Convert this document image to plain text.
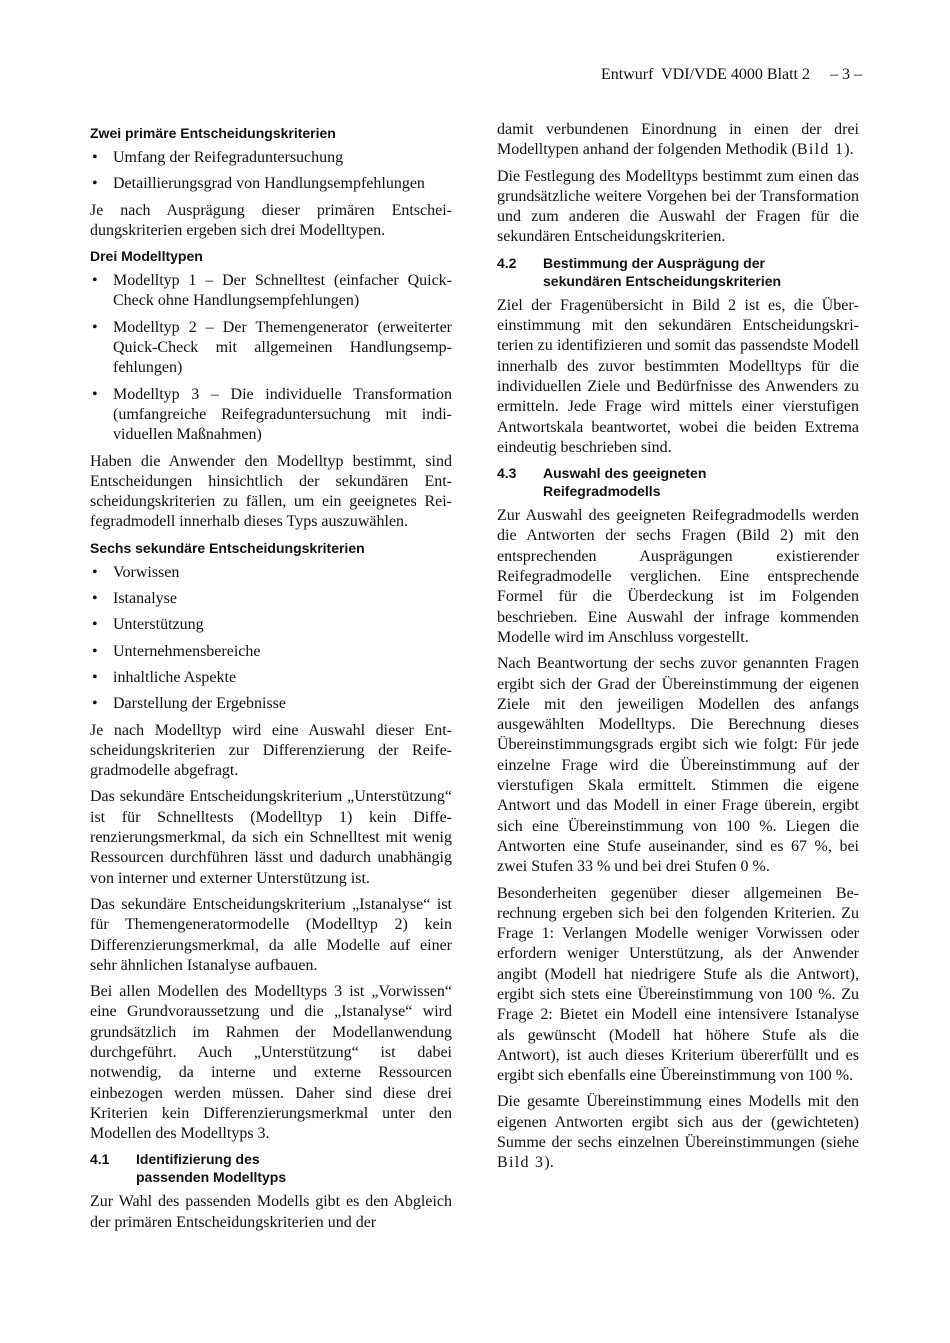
Entwurf  VDI/VDE 4000 Blatt 2 – 3 –
Zwei primäre Entscheidungskriterien
• Umfang der Reifegraduntersuchung
• Detaillierungsgrad von Handlungsempfehlungen

Je nach Ausprägung dieser primären Entscheidungskriterien ergeben sich drei Modelltypen.

Drei Modelltypen
• Modelltyp 1 – Der Schnelltest (einfacher Quick-Check ohne Handlungsempfehlungen)
• Modelltyp 2 – Der Themengenerator (erweiterter Quick-Check mit allgemeinen Handlungsempfehlungen)
• Modelltyp 3 – Die individuelle Transformation (umfangreiche Reifegraduntersuchung mit individuellen Maßnahmen)

Haben die Anwender den Modelltyp bestimmt, sind Entscheidungen hinsichtlich der sekundären Entscheidungskriterien zu fällen, um ein geeignetes Reifegradmodell innerhalb dieses Typs auszuwählen.

Sechs sekundäre Entscheidungskriterien
• Vorwissen
• Istanalyse
• Unterstützung
• Unternehmensbereiche
• inhaltliche Aspekte
• Darstellung der Ergebnisse

Je nach Modelltyp wird eine Auswahl dieser Entscheidungskriterien zur Differenzierung der Reifegradmodelle abgefragt.

Das sekundäre Entscheidungskriterium „Unterstützung“ ist für Schnelltests (Modelltyp 1) kein Differenzierungsmerkmal, da sich ein Schnelltest mit wenig Ressourcen durchführen lässt und dadurch unabhängig von interner und externer Unterstützung ist.

Das sekundäre Entscheidungskriterium „Istanalyse“ ist für Themengeneratormodelle (Modelltyp 2) kein Differenzierungsmerkmal, da alle Modelle auf einer sehr ähnlichen Istanalyse aufbauen.

Bei allen Modellen des Modelltyps 3 ist „Vorwissen“ eine Grundvoraussetzung und die „Istanalyse“ wird grundsätzlich im Rahmen der Modellanwendung durchgeführt. Auch „Unterstützung“ ist dabei notwendig, da interne und externe Ressourcen einbezogen werden müssen. Daher sind diese drei Kriterien kein Differenzierungsmerkmal unter den Modellen des Modelltyps 3.

4.1	Identifizierung des
passenden Modelltyps

Zur Wahl des passenden Modells gibt es den Abgleich der primären Entscheidungskriterien und der

damit verbundenen Einordnung in einen der drei Modelltypen anhand der folgenden Methodik (Bild 1).

Die Festlegung des Modelltyps bestimmt zum einen das grundsätzliche weitere Vorgehen bei der Transformation und zum anderen die Auswahl der Fragen für die sekundären Entscheidungskriterien.

4.2	Bestimmung der Ausprägung der
sekundären Entscheidungskriterien

Ziel der Fragenübersicht in Bild 2 ist es, die Übereinstimmung mit den sekundären Entscheidungskriterien zu identifizieren und somit das passendste Modell innerhalb des zuvor bestimmten Modelltyps für die individuellen Ziele und Bedürfnisse des Anwenders zu ermitteln. Jede Frage wird mittels einer vierstufigen Antwortskala beantwortet, wobei die beiden Extrema eindeutig beschrieben sind.

4.3	Auswahl des geeigneten
Reifegradmodells

Zur Auswahl des geeigneten Reifegradmodells werden die Antworten der sechs Fragen (Bild 2) mit den entsprechenden Ausprägungen existierender Reifegradmodelle verglichen. Eine entsprechende Formel für die Überdeckung ist im Folgenden beschrieben. Eine Auswahl der infrage kommenden Modelle wird im Anschluss vorgestellt.

Nach Beantwortung der sechs zuvor genannten Fragen ergibt sich der Grad der Übereinstimmung der eigenen Ziele mit den jeweiligen Modellen des anfangs ausgewählten Modelltyps. Die Berechnung dieses Übereinstimmungsgrads ergibt sich wie folgt: Für jede einzelne Frage wird die Übereinstimmung auf der vierstufigen Skala ermittelt. Stimmen die eigene Antwort und das Modell in einer Frage überein, ergibt sich eine Übereinstimmung von 100 %. Liegen die Antworten eine Stufe auseinander, sind es 67 %, bei zwei Stufen 33 % und bei drei Stufen 0 %.

Besonderheiten gegenüber dieser allgemeinen Berechnung ergeben sich bei den folgenden Kriterien. Zu Frage 1: Verlangen Modelle weniger Vorwissen oder erfordern weniger Unterstützung, als der Anwender angibt (Modell hat niedrigere Stufe als die Antwort), ergibt sich stets eine Übereinstimmung von 100 %. Zu Frage 2: Bietet ein Modell eine intensivere Istanalyse als gewünscht (Modell hat höhere Stufe als die Antwort), ist auch dieses Kriterium übererfüllt und es ergibt sich ebenfalls eine Übereinstimmung von 100 %.

Die gesamte Übereinstimmung eines Modells mit den eigenen Antworten ergibt sich aus der (gewichteten) Summe der sechs einzelnen Übereinstimmungen (siehe Bild 3).
